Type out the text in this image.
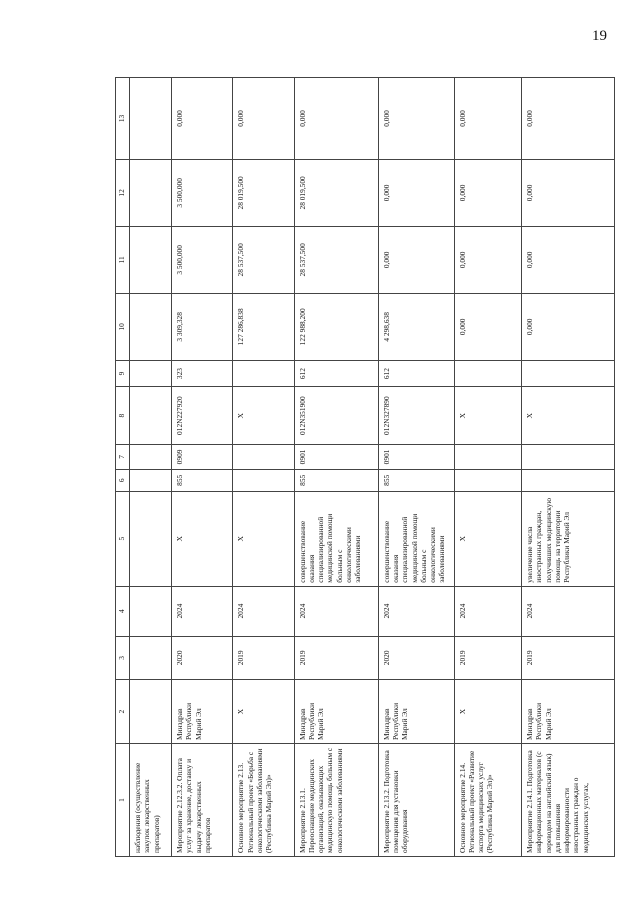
19
1	2	3	4	5	6	7	8	9	10	11	12	13
наблюдения (осуществление закупок лекарственных препаратов)												
Мероприятие 2.12.3.2. Оплата услуг за хранение, доставку и выдачу лекарственных препаратов	Минздрав Республики Марий Эл	2020	2024	X	855	0909	012N227920	323	3 309,328	3 500,000	3 500,000	0,000
Основное мероприятие 2.13. Региональный проект «Борьба с онкологическими заболеваниями (Республика Марий Эл)»	X	2019	2024	X			X		127 286,838	28 537,500	28 019,500	0,000
Мероприятие 2.13.1. Переоснащение медицинских организаций, оказывающих медицинскую помощь больным с онкологическими заболеваниями	Минздрав Республики Марий Эл	2019	2024	совершенствование оказания специализированной медицинской помощи больным с онкологическими заболеваниями	855	0901	012N351900	612	122 988,200	28 537,500	28 019,500	0,000
Мероприятие 2.13.2. Подготовка помещения для установки оборудования	Минздрав Республики Марий Эл	2020	2024	совершенствование оказания специализированной медицинской помощи больным с онкологическими заболеваниями	855	0901	012N327890	612	4 298,638	0,000	0,000	0,000
Основное мероприятие 2.14. Региональный проект «Развитие экспорта медицинских услуг (Республика Марий Эл)»	X	2019	2024	X			X		0,000	0,000	0,000	0,000
Мероприятие 2.14.1. Подготовка информационных материалов (с переводом на английский язык) для повышения информированности иностранных граждан о медицинских услугах,	Минздрав Республики Марий Эл	2019	2024	увеличение числа иностранных граждан, получивших медицинскую помощь на территории Республики Марий Эл			X		0,000	0,000	0,000	0,000
